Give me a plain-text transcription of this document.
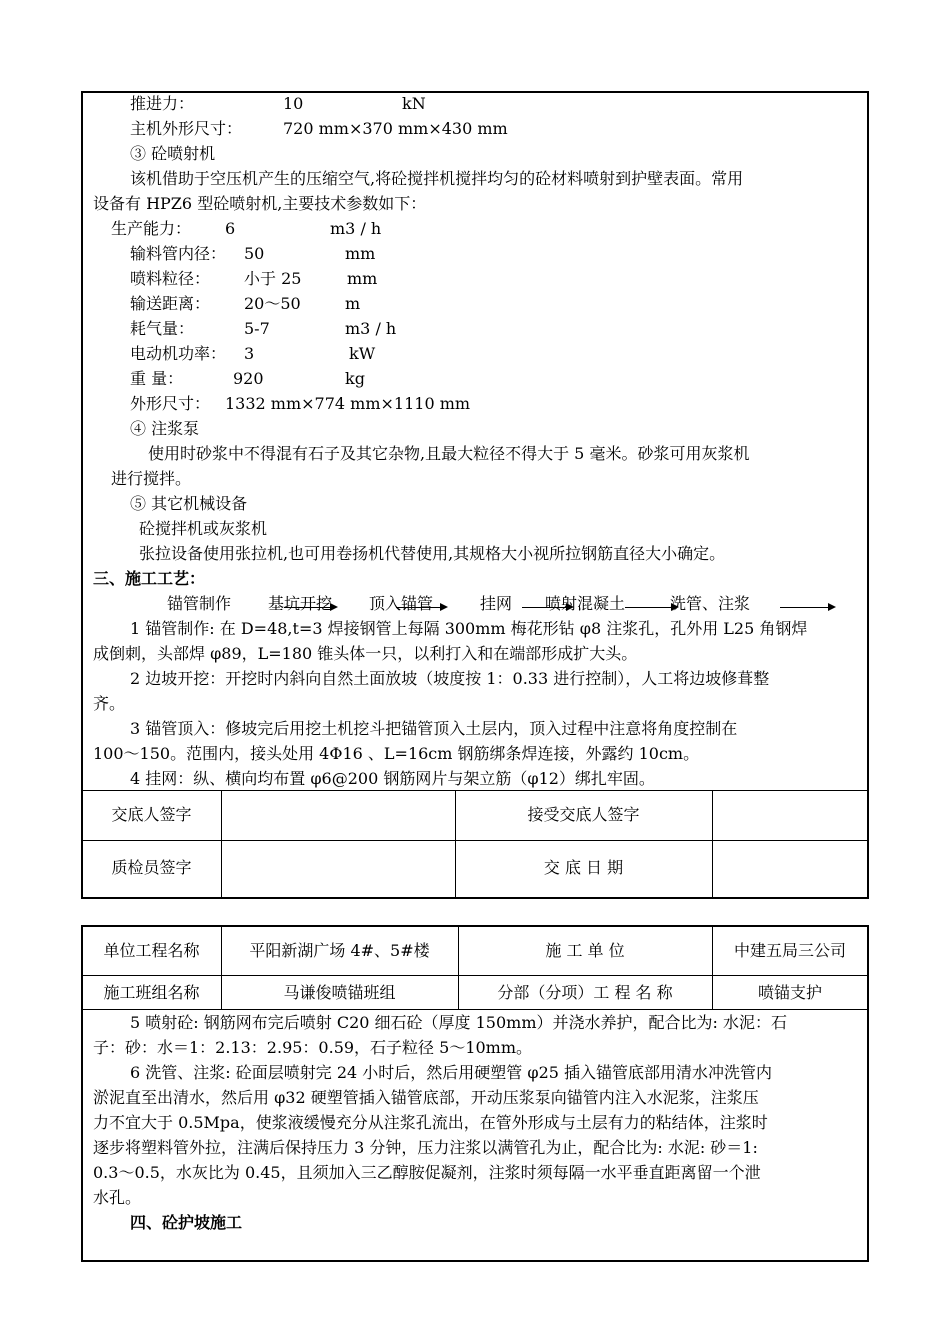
推进力：	10	kN
主机外形尺寸：	720 mm×370 mm×430 mm
③ 砼喷射机
该机借助于空压机产生的压缩空气,将砼搅拌机搅拌均匀的砼材料喷射到护壁表面。常用
设备有 HPZ6 型砼喷射机,主要技术参数如下：
生产能力： 6	m3 / h
输料管内径： 50	mm
喷料粒径： 小于 25	mm
输送距离： 20～50	m
耗气量：	5-7	m3 / h
电动机功率： 3	kW
重 量：	920	kg
外形尺寸： 1332 mm×774 mm×1110 mm
④ 注浆泵
使用时砂浆中不得混有石子及其它杂物,且最大粒径不得大于 5 毫米。砂浆可用灰浆机
进行搅拌。
⑤ 其它机械设备
砼搅拌机或灰浆机
张拉设备使用张拉机,也可用卷扬机代替使用,其规格大小视所拉钢筋直径大小确定。
三、施工工艺：
锚管制作 基坑开挖 顶入锚管	挂网 喷射混凝土	洗管、注浆
1 锚管制作: 在 D=48,t=3 焊接钢管上每隔 300mm 梅花形钻 φ8 注浆孔，孔外用 L25 角钢焊
成倒刺，头部焊 φ89，L=180 锥头体一只，以利打入和在端部形成扩大头。
2 边坡开挖：开挖时内斜向自然土面放坡（坡度按 1：0.33 进行控制），人工将边坡修葺整
齐。
3 锚管顶入：修坡完后用挖土机挖斗把锚管顶入土层内，顶入过程中注意将角度控制在
100～150。范围内，接头处用 4Φ16 、L=16cm 钢筋绑条焊连接，外露约 10cm。
4 挂网：纵、横向均布置 φ6@200 钢筋网片与架立筋（φ12）绑扎牢固。
交底人签字	接受交底人签字
质检员签字	交 底 日 期
单位工程名称	平阳新湖广场 4#、5#楼	施 工 单 位	中建五局三公司
施工班组名称	马谦俊喷锚班组	分部（分项）工 程 名 称	喷锚支护
5 喷射砼: 钢筋网布完后喷射 C20 细石砼（厚度 150mm）并浇水养护，配合比为: 水泥：石
子：砂：水＝1：2.13：2.95：0.59，石子粒径 5～10mm。
6 洗管、注浆: 砼面层喷射完 24 小时后，然后用硬塑管 φ25 插入锚管底部用清水冲洗管内
淤泥直至出清水，然后用 φ32 硬塑管插入锚管底部，开动压浆泵向锚管内注入水泥浆，注浆压
力不宜大于 0.5Mpa，使浆液缓慢充分从注浆孔流出，在管外形成与土层有力的粘结体，注浆时
逐步将塑料管外拉，注满后保持压力 3 分钟，压力注浆以满管孔为止，配合比为: 水泥: 砂＝1:
0.3～0.5，水灰比为 0.45，且须加入三乙醇胺促凝剂，注浆时须每隔一水平垂直距离留一个泄
水孔。
四、砼护坡施工
